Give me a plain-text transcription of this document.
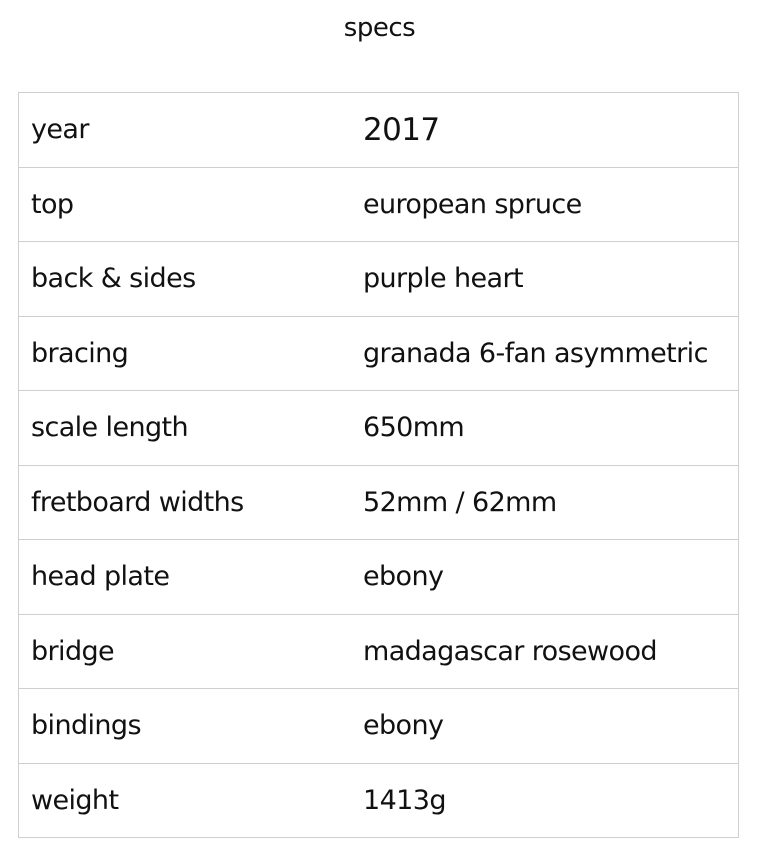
specs
year	2017
top	european spruce
back & sides	purple heart
bracing	granada 6-fan asymmetric
scale length	650mm
fretboard widths	52mm / 62mm
head plate	ebony
bridge	madagascar rosewood
bindings	ebony
weight	1413g
